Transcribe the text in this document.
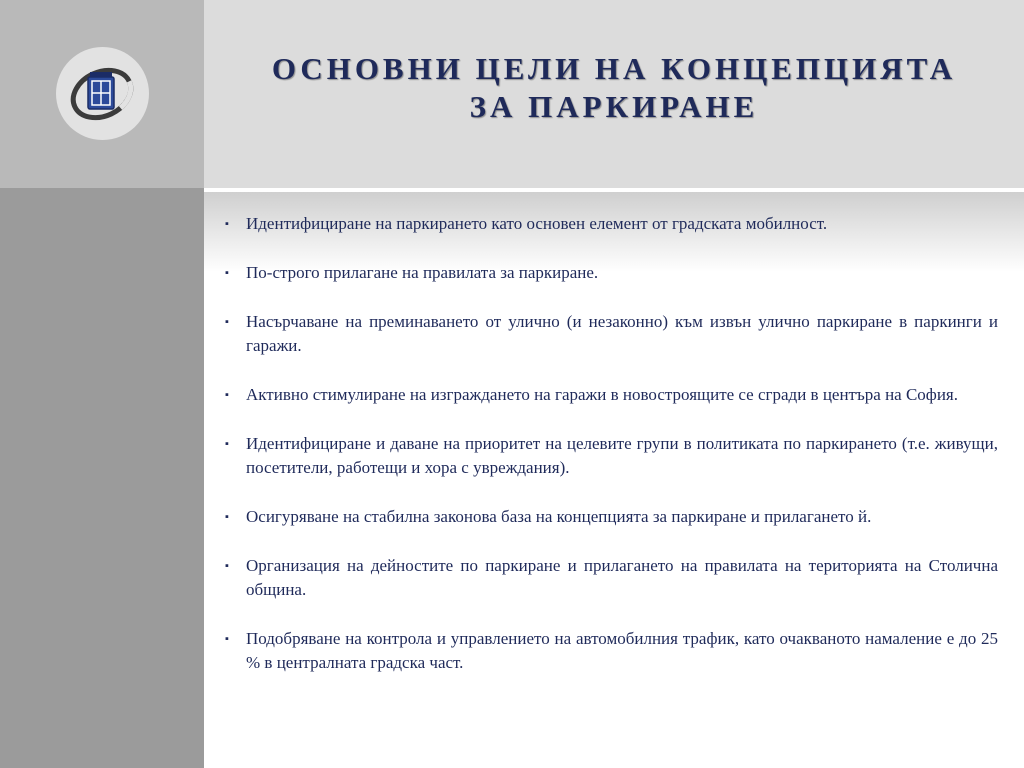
ОСНОВНИ ЦЕЛИ НА КОНЦЕПЦИЯТА
ЗА ПАРКИРАНЕ
▪ Идентифициране на паркирането като основен елемент от градската мобилност.
▪ По-строго прилагане на правилата за паркиране.
▪ Насърчаване на преминаването от улично (и незаконно) към извън улично паркиране в паркинги и гаражи.
▪ Активно стимулиране на изграждането на гаражи в новостроящите се сгради в центъра на София.
▪ Идентифициране и даване на приоритет на целевите групи в политиката по паркирането (т.е. живущи, посетители, работещи и хора с увреждания).
▪ Осигуряване на стабилна законова база на концепцията за паркиране и прилагането й.
▪ Организация на дейностите по паркиране и прилагането на правилата на територията на Столична община.
▪ Подобряване на контрола и управлението на автомобилния трафик, като очакваното намаление е до 25 % в централната градска част.
